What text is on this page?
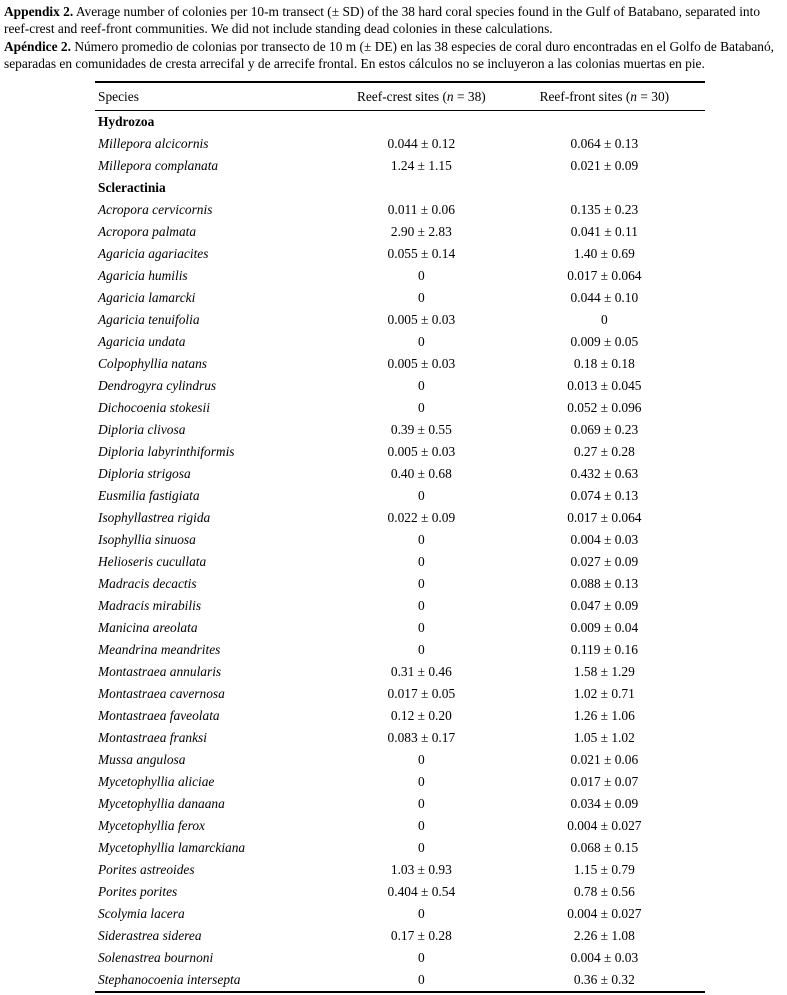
Appendix 2. Average number of colonies per 10-m transect (± SD) of the 38 hard coral species found in the Gulf of Batabano, separated into reef-crest and reef-front communities. We did not include standing dead colonies in these calculations.

Apéndice 2. Número promedio de colonias por transecto de 10 m (± DE) en las 38 especies de coral duro encontradas en el Golfo de Batabanó, separadas en comunidades de cresta arrecifal y de arrecife frontal. En estos cálculos no se incluyeron a las colonias muertas en pie.

Species	Reef-crest sites (n = 38)	Reef-front sites (n = 30)
Hydrozoa		
Millepora alcicornis	0.044 ± 0.12	0.064 ± 0.13
Millepora complanata	1.24 ± 1.15	0.021 ± 0.09
Scleractinia		
Acropora cervicornis	0.011 ± 0.06	0.135 ± 0.23
Acropora palmata	2.90 ± 2.83	0.041 ± 0.11
Agaricia agariacites	0.055 ± 0.14	1.40 ± 0.69
Agaricia humilis	0	0.017 ± 0.064
Agaricia lamarcki	0	0.044 ± 0.10
Agaricia tenuifolia	0.005 ± 0.03	0
Agaricia undata	0	0.009 ± 0.05
Colpophyllia natans	0.005 ± 0.03	0.18 ± 0.18
Dendrogyra cylindrus	0	0.013 ± 0.045
Dichocoenia stokesii	0	0.052 ± 0.096
Diploria clivosa	0.39 ± 0.55	0.069 ± 0.23
Diploria labyrinthiformis	0.005 ± 0.03	0.27 ± 0.28
Diploria strigosa	0.40 ± 0.68	0.432 ± 0.63
Eusmilia fastigiata	0	0.074 ± 0.13
Isophyllastrea rigida	0.022 ± 0.09	0.017 ± 0.064
Isophyllia sinuosa	0	0.004 ± 0.03
Helioseris cucullata	0	0.027 ± 0.09
Madracis decactis	0	0.088 ± 0.13
Madracis mirabilis	0	0.047 ± 0.09
Manicina areolata	0	0.009 ± 0.04
Meandrina meandrites	0	0.119 ± 0.16
Montastraea annularis	0.31 ± 0.46	1.58 ± 1.29
Montastraea cavernosa	0.017 ± 0.05	1.02 ± 0.71
Montastraea faveolata	0.12 ± 0.20	1.26 ± 1.06
Montastraea franksi	0.083 ± 0.17	1.05 ± 1.02
Mussa angulosa	0	0.021 ± 0.06
Mycetophyllia aliciae	0	0.017 ± 0.07
Mycetophyllia danaana	0	0.034 ± 0.09
Mycetophyllia ferox	0	0.004 ± 0.027
Mycetophyllia lamarckiana	0	0.068 ± 0.15
Porites astreoides	1.03 ± 0.93	1.15 ± 0.79
Porites porites	0.404 ± 0.54	0.78 ± 0.56
Scolymia lacera	0	0.004 ± 0.027
Siderastrea siderea	0.17 ± 0.28	2.26 ± 1.08
Solenastrea bournoni	0	0.004 ± 0.03
Stephanocoenia intersepta	0	0.36 ± 0.32
